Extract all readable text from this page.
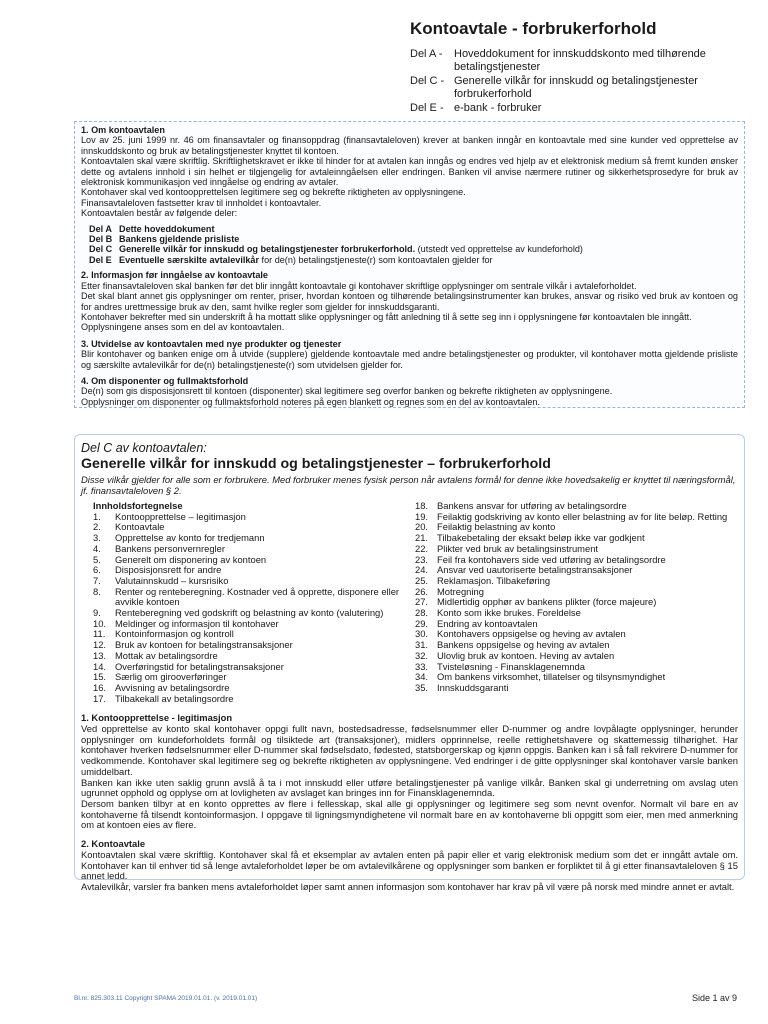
Kontoavtale - forbrukerforhold
Del A -	Hoveddokument for innskuddskonto med tilhørende betalingstjenester
Del C - Generelle vilkår for innskudd og betalingstjenester forbrukerforhold
Del E - e-bank - forbruker
1. Om kontoavtalen

Lov av 25. juni 1999 nr. 46 om finansavtaler og finansoppdrag (finansavtaleloven) krever at banken inngår en kontoavtale med sine kunder ved opprettelse av innskuddskonto og bruk av betalingstjenester knyttet til kontoen.

Kontoavtalen skal være skriftlig. Skriftlighetskravet er ikke til hinder for at avtalen kan inngås og endres ved hjelp av et elektronisk medium så fremt kunden ønsker dette og avtalens innhold i sin helhet er tilgjengelig for avtaleinngåelsen eller endringen. Banken vil anvise nærmere rutiner og sikkerhetsprosedyre for bruk av elektronisk kommunikasjon ved inngåelse og endring av avtaler.

Kontohaver skal ved kontoopprettelsen legitimere seg og bekrefte riktigheten av opplysningene.

Finansavtaleloven fastsetter krav til innholdet i kontoavtaler.

Kontoavtalen består av følgende deler:

Del A Dette hoveddokument
Del B Bankens gjeldende prisliste
Del C Generelle vilkår for innskudd og betalingstjenester forbrukerforhold. (utstedt ved opprettelse av kundeforhold)
Del E Eventuelle særskilte avtalevilkår for de(n) betalingstjeneste(r) som kontoavtalen gjelder for
2. Informasjon før inngåelse av kontoavtale

Etter finansavtaleloven skal banken før det blir inngått kontoavtale gi kontohaver skriftlige opplysninger om sentrale vilkår i avtaleforholdet.

Det skal blant annet gis opplysninger om renter, priser, hvordan kontoen og tilhørende betalingsinstrumenter kan brukes, ansvar og risiko ved bruk av kontoen og for andres urettmessige bruk av den, samt hvilke regler som gjelder for innskuddsgaranti.

Kontohaver bekrefter med sin underskrift å ha mottatt slike opplysninger og fått anledning til å sette seg inn i opplysningene før kontoavtalen ble inngått.

Opplysningene anses som en del av kontoavtalen.

3. Utvidelse av kontoavtalen med nye produkter og tjenester

Blir kontohaver og banken enige om å utvide (supplere) gjeldende kontoavtale med andre betalingstjenester og produkter, vil kontohaver motta gjeldende prisliste og særskilte avtalevilkår for de(n) betalingstjeneste(r) som utvidelsen gjelder for.

4. Om disponenter og fullmaktsforhold

De(n) som gis disposisjonsrett til kontoen (disponenter) skal legitimere seg overfor banken og bekrefte riktigheten av opplysningene.

Opplysninger om disponenter og fullmaktsforhold noteres på egen blankett og regnes som en del av kontoavtalen.

Del C av kontoavtalen:
Generelle vilkår for innskudd og betalingstjenester – forbrukerforhold
Disse vilkår gjelder for alle som er forbrukere. Med forbruker menes fysisk person når avtalens formål for denne ikke hovedsakelig er knyttet til næringsformål, jf. finansavtaleloven § 2.
Innholdsfortegnelse
1.	Kontoopprettelse – legitimasjon
2.	Kontoavtale
3.	Opprettelse av konto for tredjemann
4.	Bankens personvernregler
5.	Generelt om disponering av kontoen
6.	Disposisjonsrett for andre
7.	Valutainnskudd – kursrisiko
8.	Renter og renteberegning. Kostnader ved å opprette, disponere eller avvikle kontoen
9.	Renteberegning ved godskrift og belastning av konto (valutering)
10. Meldinger og informasjon til kontohaver
11.	Kontoinformasjon og kontroll
12. Bruk av kontoen for betalingstransaksjoner
13. Mottak av betalingsordre
14. Overføringstid for betalingstransaksjoner
15. Særlig om girooverføringer
16. Avvisning av betalingsordre
17. Tilbakekall av betalingsordre
18. Bankens ansvar for utføring av betalingsordre
19. Feilaktig godskriving av konto eller belastning av for lite beløp. Retting
20. Feilaktig belastning av konto
21. Tilbakebetaling der eksakt beløp ikke var godkjent
22. Plikter ved bruk av betalingsinstrument
23. Feil fra kontohavers side ved utføring av betalingsordre
24. Ansvar ved uautoriserte betalingstransaksjoner
25. Reklamasjon. Tilbakeføring
26. Motregning
27. Midlertidig opphør av bankens plikter (force majeure)
28. Konto som ikke brukes. Foreldelse
29. Endring av kontoavtalen
30. Kontohavers oppsigelse og heving av avtalen
31. Bankens oppsigelse og heving av avtalen
32. Ulovlig bruk av kontoen. Heving av avtalen
33. Tvisteløsning - Finansklagenemnda
34. Om bankens virksomhet, tillatelser og tilsynsmyndighet
35. Innskuddsgaranti
1. Kontoopprettelse - legitimasjon

Ved opprettelse av konto skal kontohaver oppgi fullt navn, bostedsadresse, fødselsnummer eller D-nummer og andre lovpålagte opplysninger, herunder opplysninger om kundeforholdets formål og tilsiktede art (transaksjoner), midlers opprinnelse, reelle rettighetshavere og skattemessig tilhørighet. Har kontohaver hverken fødselsnummer eller D-nummer skal fødselsdato, fødested, statsborgerskap og kjønn oppgis. Banken kan i så fall rekvirere D-nummer for vedkommende. Kontohaver skal legitimere seg og bekrefte riktigheten av opplysningene. Ved endringer i de gitte opplysninger skal kontohaver varsle banken umiddelbart.

Banken kan ikke uten saklig grunn avslå å ta i mot innskudd eller utføre betalingstjenester på vanlige vilkår. Banken skal gi underretning om avslag uten ugrunnet opphold og opplyse om at lovligheten av avslaget kan bringes inn for Finansklagenemnda.

Dersom banken tilbyr at en konto opprettes av flere i fellesskap, skal alle gi opplysninger og legitimere seg som nevnt ovenfor. Normalt vil bare en av kontohaverne få tilsendt kontoinformasjon. I oppgave til ligningsmyndighetene vil normalt bare en av kontohaverne bli oppgitt som eier, men med anmerkning om at kontoen eies av flere.

2. Kontoavtale

Kontoavtalen skal være skriftlig. Kontohaver skal få et eksemplar av avtalen enten på papir eller et varig elektronisk medium som det er inngått avtale om. Kontohaver kan til enhver tid så lenge avtaleforholdet løper be om avtalevilkårene og opplysninger som banken er forpliktet til å gi etter finansavtaleloven § 15 annet ledd.

Avtalevilkår, varsler fra banken mens avtaleforholdet løper samt annen informasjon som kontohaver har krav på vil være på norsk med mindre annet er avtalt.

Bl.nr. 825.303.11 Copyright SPAMA 2019.01.01. (v. 2019.01.01)	Side 1 av 9
